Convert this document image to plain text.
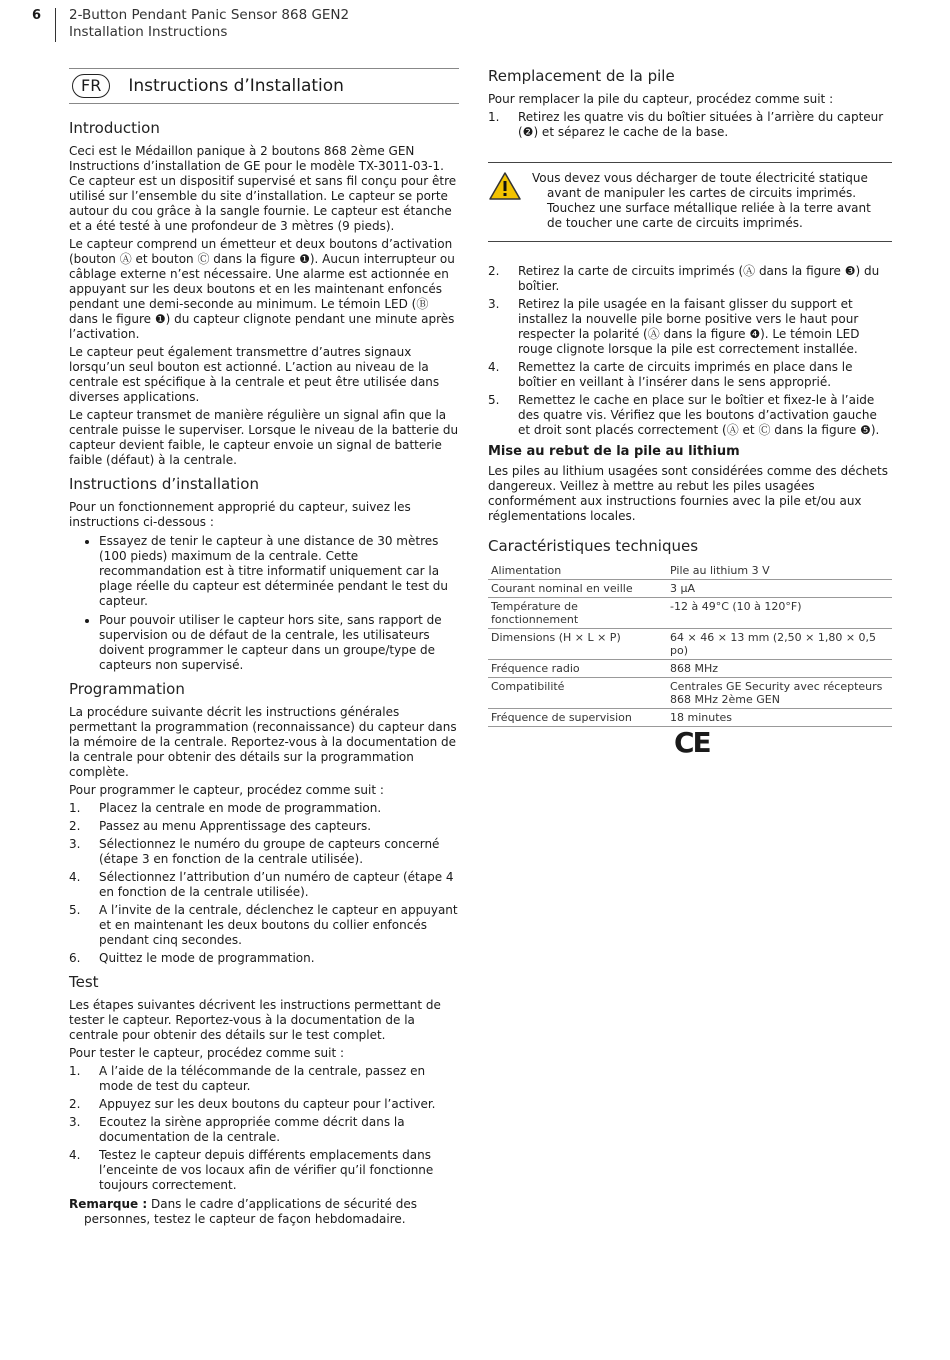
6 2-Button Pendant Panic Sensor 868 GEN2
Installation Instructions
FR	Instructions d’Installation
Introduction

Ceci est le Médaillon panique à 2 boutons 868 2ème GEN Instructions d’installation de GE pour le modèle TX-3011-03-1. Ce capteur est un dispositif supervisé et sans fil conçu pour être utilisé sur l’ensemble du site d’installation. Le capteur se porte autour du cou grâce à la sangle fournie. Le capteur est étanche et a été testé à une profondeur de 3 mètres (9 pieds).

Le capteur comprend un émetteur et deux boutons d’activation (bouton Ⓐ et bouton Ⓒ dans la figure ❶). Aucun interrupteur ou câblage externe n’est nécessaire. Une alarme est actionnée en appuyant sur les deux boutons et en les maintenant enfoncés pendant une demi-seconde au minimum. Le témoin LED (Ⓑ dans le figure ❶) du capteur clignote pendant une minute après l’activation.

Le capteur peut également transmettre d’autres signaux lorsqu’un seul bouton est actionné. L’action au niveau de la centrale est spécifique à la centrale et peut être utilisée dans diverses applications.

Le capteur transmet de manière régulière un signal afin que la centrale puisse le superviser. Lorsque le niveau de la batterie du capteur devient faible, le capteur envoie un signal de batterie faible (défaut) à la centrale.

Instructions d’installation

Pour un fonctionnement approprié du capteur, suivez les instructions ci-dessous :

• Essayez de tenir le capteur à une distance de 30 mètres (100 pieds) maximum de la centrale. Cette recommandation est à titre informatif uniquement car la plage réelle du capteur est déterminée pendant le test du capteur.
• Pour pouvoir utiliser le capteur hors site, sans rapport de supervision ou de défaut de la centrale, les utilisateurs doivent programmer le capteur dans un groupe/type de capteurs non supervisé.
Programmation

La procédure suivante décrit les instructions générales permettant la programmation (reconnaissance) du capteur dans la mémoire de la centrale. Reportez-vous à la documentation de la centrale pour obtenir des détails sur la programmation complète.

Pour programmer le capteur, procédez comme suit :

1.	Placez la centrale en mode de programmation.
2.	Passez au menu Apprentissage des capteurs.
3.	Sélectionnez le numéro du groupe de capteurs concerné (étape 3 en fonction de la centrale utilisée).
4.	Sélectionnez l’attribution d’un numéro de capteur (étape 4 en fonction de la centrale utilisée).
5.	A l’invite de la centrale, déclenchez le capteur en appuyant et en maintenant les deux boutons du collier enfoncés pendant cinq secondes.
6.	Quittez le mode de programmation.
Test

Les étapes suivantes décrivent les instructions permettant de tester le capteur. Reportez-vous à la documentation de la centrale pour obtenir des détails sur le test complet.

Pour tester le capteur, procédez comme suit :

1.	A l’aide de la télécommande de la centrale, passez en mode de test du capteur.
2.	Appuyez sur les deux boutons du capteur pour l’activer.
3.	Ecoutez la sirène appropriée comme décrit dans la documentation de la centrale.
4.	Testez le capteur depuis différents emplacements dans l’enceinte de vos locaux afin de vérifier qu’il fonctionne toujours correctement.

Remarque : Dans le cadre d’applications de sécurité des personnes, testez le capteur de façon hebdomadaire.

Remplacement de la pile

Pour remplacer la pile du capteur, procédez comme suit :

1.	Retirez les quatre vis du boîtier situées à l’arrière du capteur (❷) et séparez le cache de la base.
Vous devez vous décharger de toute électricité statique avant de manipuler les cartes de circuits imprimés. Touchez une surface métallique reliée à la terre avant de toucher une carte de circuits imprimés.
2.	Retirez la carte de circuits imprimés (Ⓐ dans la figure ❸) du boîtier.
3.	Retirez la pile usagée en la faisant glisser du support et installez la nouvelle pile borne positive vers le haut pour respecter la polarité (Ⓐ dans la figure ❹). Le témoin LED rouge clignote lorsque la pile est correctement installée.
4.	Remettez la carte de circuits imprimés en place dans le boîtier en veillant à l’insérer dans le sens approprié.
5.	Remettez le cache en place sur le boîtier et fixez-le à l’aide des quatre vis. Vérifiez que les boutons d’activation gauche et droit sont placés correctement (Ⓐ et Ⓒ dans la figure ❺).
Mise au rebut de la pile au lithium

Les piles au lithium usagées sont considérées comme des déchets dangereux. Veillez à mettre au rebut les piles usagées conformément aux instructions fournies avec la pile et/ou aux réglementations locales.

Caractéristiques techniques
Alimentation	Pile au lithium 3 V
Courant nominal en veille	3 µA
Température de fonctionnement	-12 à 49°C (10 à 120°F)
Dimensions (H × L × P)	64 × 46 × 13 mm (2,50 × 1,80 × 0,5 po)
Fréquence radio	868 MHz
Compatibilité	Centrales GE Security avec récepteurs 868 MHz 2ème GEN
Fréquence de supervision	18 minutes
CE
